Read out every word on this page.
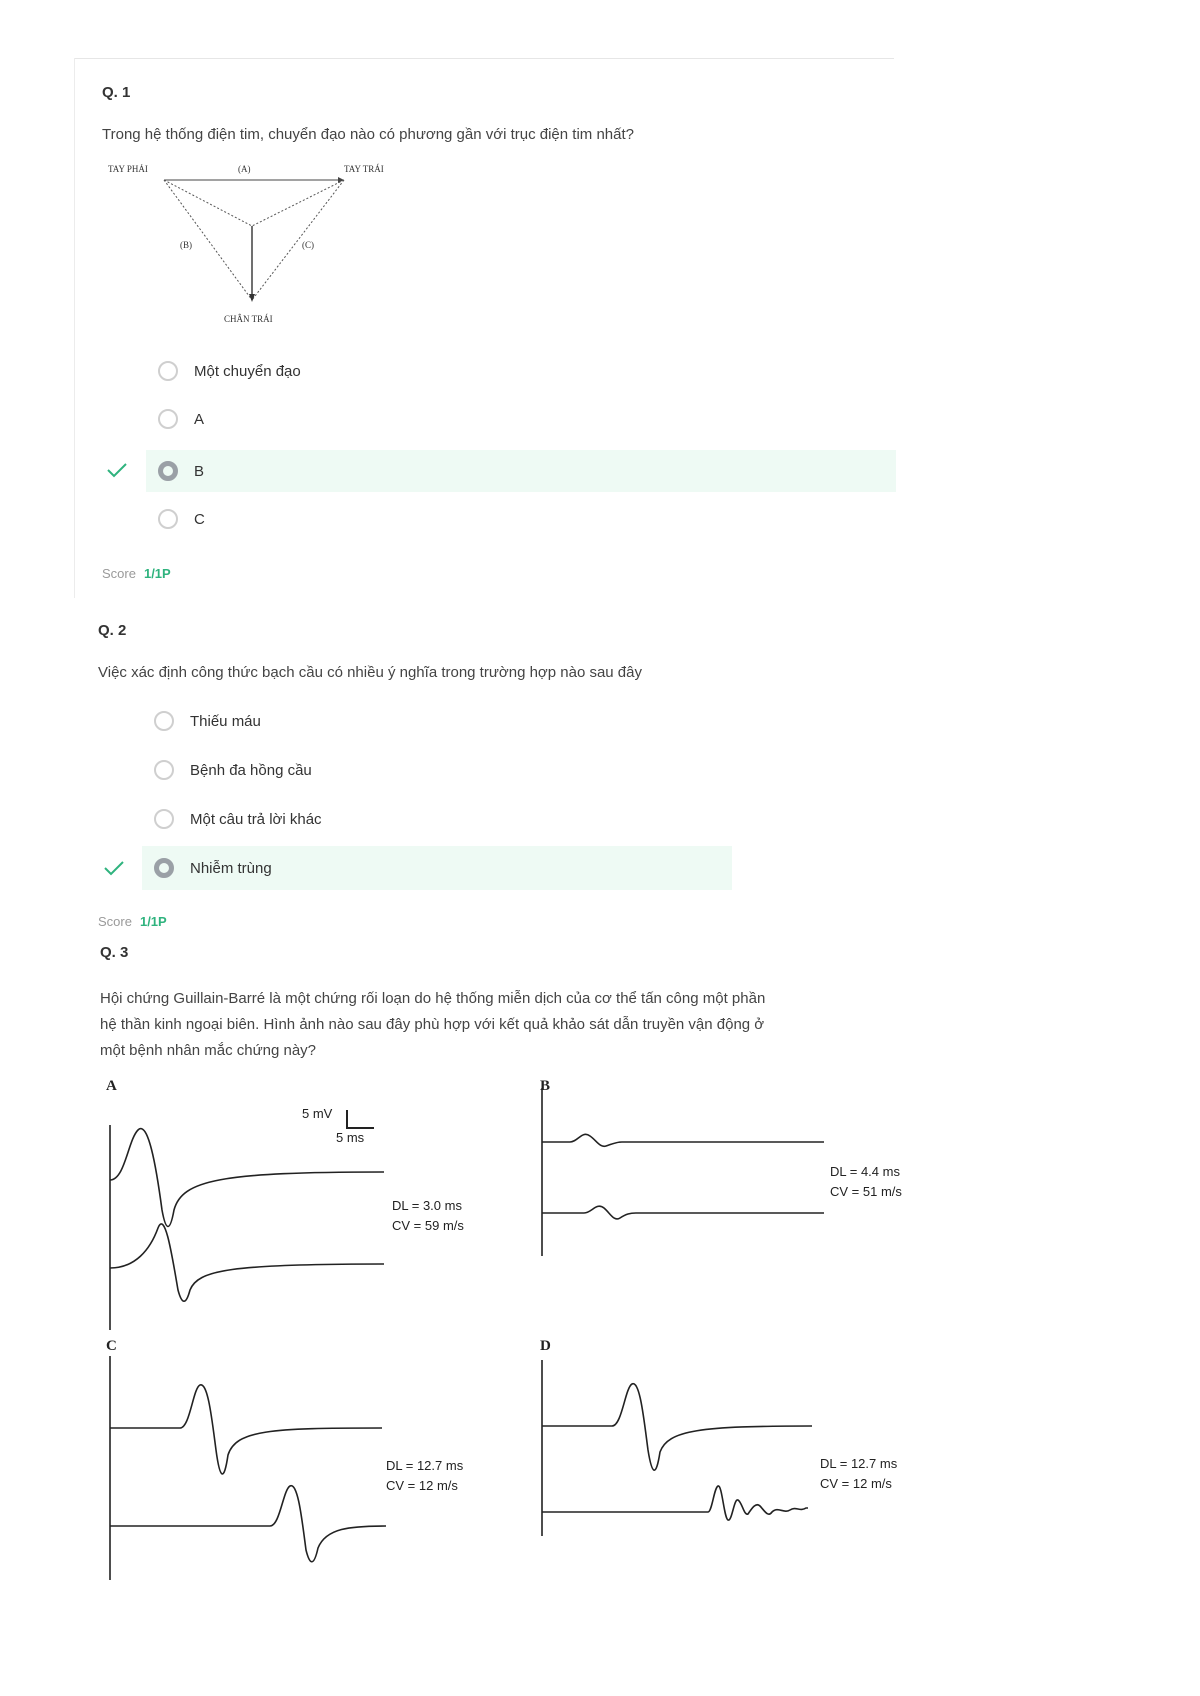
Q. 1
Trong hệ thống điện tim, chuyển đạo nào có phương gần với trục điện tim nhất?
TAY PHẢI	(A)	TAY TRÁI
(B)	(C)
CHÂN TRÁI
Một chuyển đạo
A
B
C
Score 1/1P
Q. 2
Việc xác định công thức bạch cầu có nhiều ý nghĩa trong trường hợp nào sau đây
Thiếu máu
Bệnh đa hồng cầu
Một câu trả lời khác
Nhiễm trùng
Score 1/1P
Q. 3
Hội chứng Guillain-Barré là một chứng rối loạn do hệ thống miễn dịch của cơ thể tấn công một phần
hệ thần kinh ngoại biên. Hình ảnh nào sau đây phù hợp với kết quả khảo sát dẫn truyền vận động ở
một bệnh nhân mắc chứng này?
A	B
C	D
5 mV
5 ms
DL = 3.0 ms
CV = 59 m/s
DL = 4.4 ms
CV = 51 m/s
DL = 12.7 ms
CV = 12 m/s
DL = 12.7 ms
CV = 12 m/s
